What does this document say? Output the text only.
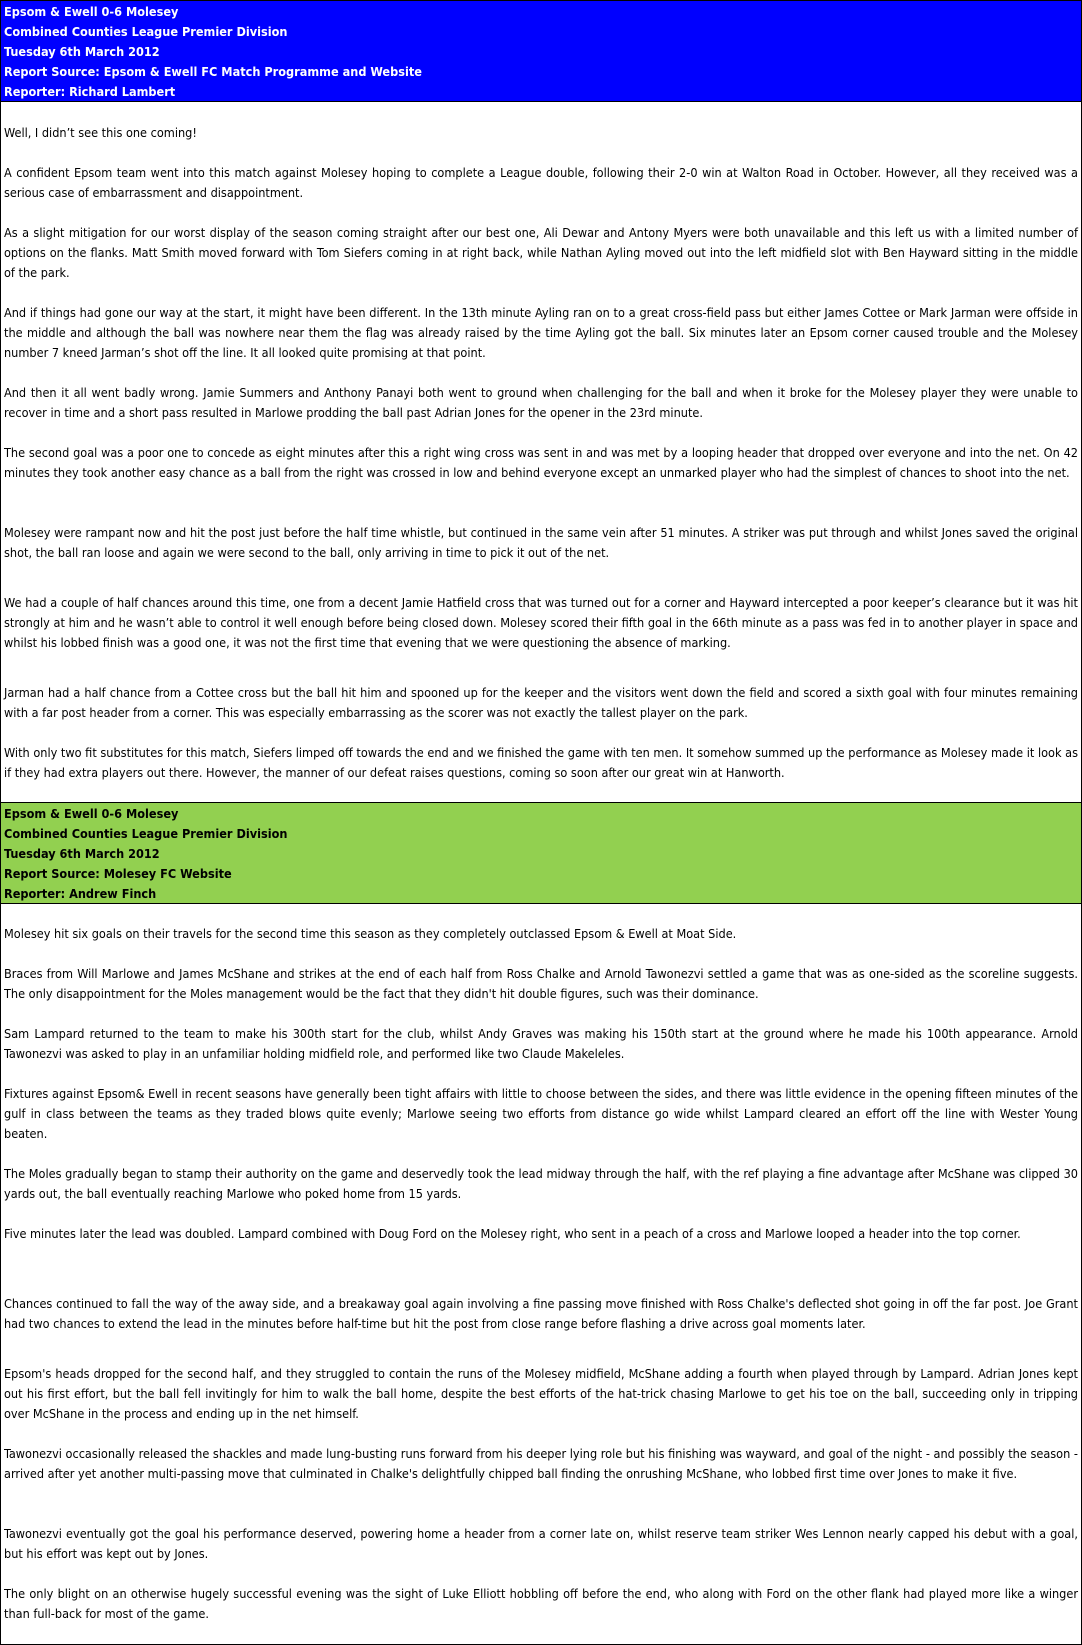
Epsom & Ewell 0-6 Molesey
Combined Counties League Premier Division
Tuesday 6th March 2012
Report Source: Epsom & Ewell FC Match Programme and Website
Reporter: Richard Lambert

Well, I didn’t see this one coming!

A confident Epsom team went into this match against Molesey hoping to complete a League double, following their 2-0 win at Walton Road in October. However, all they received was a serious case of embarrassment and disappointment.

As a slight mitigation for our worst display of the season coming straight after our best one, Ali Dewar and Antony Myers were both unavailable and this left us with a limited number of options on the flanks. Matt Smith moved forward with Tom Siefers coming in at right back, while Nathan Ayling moved out into the left midfield slot with Ben Hayward sitting in the middle of the park.

And if things had gone our way at the start, it might have been different. In the 13th minute Ayling ran on to a great cross-field pass but either James Cottee or Mark Jarman were offside in the middle and although the ball was nowhere near them the flag was already raised by the time Ayling got the ball. Six minutes later an Epsom corner caused trouble and the Molesey number 7 kneed Jarman’s shot off the line. It all looked quite promising at that point.

And then it all went badly wrong. Jamie Summers and Anthony Panayi both went to ground when challenging for the ball and when it broke for the Molesey player they were unable to recover in time and a short pass resulted in Marlowe prodding the ball past Adrian Jones for the opener in the 23rd minute.

The second goal was a poor one to concede as eight minutes after this a right wing cross was sent in and was met by a looping header that dropped over everyone and into the net. On 42 minutes they took another easy chance as a ball from the right was crossed in low and behind everyone except an unmarked player who had the simplest of chances to shoot into the net.

Molesey were rampant now and hit the post just before the half time whistle, but continued in the same vein after 51 minutes. A striker was put through and whilst Jones saved the original shot, the ball ran loose and again we were second to the ball, only arriving in time to pick it out of the net.

We had a couple of half chances around this time, one from a decent Jamie Hatfield cross that was turned out for a corner and Hayward intercepted a poor keeper’s clearance but it was hit strongly at him and he wasn’t able to control it well enough before being closed down. Molesey scored their fifth goal in the 66th minute as a pass was fed in to another player in space and whilst his lobbed finish was a good one, it was not the first time that evening that we were questioning the absence of marking.

Jarman had a half chance from a Cottee cross but the ball hit him and spooned up for the keeper and the visitors went down the field and scored a sixth goal with four minutes remaining with a far post header from a corner. This was especially embarrassing as the scorer was not exactly the tallest player on the park.

With only two fit substitutes for this match, Siefers limped off towards the end and we finished the game with ten men. It somehow summed up the performance as Molesey made it look as if they had extra players out there. However, the manner of our defeat raises questions, coming so soon after our great win at Hanworth.

Epsom & Ewell 0-6 Molesey
Combined Counties League Premier Division
Tuesday 6th March 2012
Report Source: Molesey FC Website
Reporter: Andrew Finch

Molesey hit six goals on their travels for the second time this season as they completely outclassed Epsom & Ewell at Moat Side.

Braces from Will Marlowe and James McShane and strikes at the end of each half from Ross Chalke and Arnold Tawonezvi settled a game that was as one-sided as the scoreline suggests. The only disappointment for the Moles management would be the fact that they didn't hit double figures, such was their dominance.

Sam Lampard returned to the team to make his 300th start for the club, whilst Andy Graves was making his 150th start at the ground where he made his 100th appearance. Arnold Tawonezvi was asked to play in an unfamiliar holding midfield role, and performed like two Claude Makeleles.

Fixtures against Epsom& Ewell in recent seasons have generally been tight affairs with little to choose between the sides, and there was little evidence in the opening fifteen minutes of the gulf in class between the teams as they traded blows quite evenly; Marlowe seeing two efforts from distance go wide whilst Lampard cleared an effort off the line with Wester Young beaten.

The Moles gradually began to stamp their authority on the game and deservedly took the lead midway through the half, with the ref playing a fine advantage after McShane was clipped 30 yards out, the ball eventually reaching Marlowe who poked home from 15 yards.

Five minutes later the lead was doubled. Lampard combined with Doug Ford on the Molesey right, who sent in a peach of a cross and Marlowe looped a header into the top corner.

Chances continued to fall the way of the away side, and a breakaway goal again involving a fine passing move finished with Ross Chalke's deflected shot going in off the far post. Joe Grant had two chances to extend the lead in the minutes before half-time but hit the post from close range before flashing a drive across goal moments later.

Epsom's heads dropped for the second half, and they struggled to contain the runs of the Molesey midfield, McShane adding a fourth when played through by Lampard. Adrian Jones kept out his first effort, but the ball fell invitingly for him to walk the ball home, despite the best efforts of the hat-trick chasing Marlowe to get his toe on the ball, succeeding only in tripping over McShane in the process and ending up in the net himself.

Tawonezvi occasionally released the shackles and made lung-busting runs forward from his deeper lying role but his finishing was wayward, and goal of the night - and possibly the season - arrived after yet another multi-passing move that culminated in Chalke's delightfully chipped ball finding the onrushing McShane, who lobbed first time over Jones to make it five.

Tawonezvi eventually got the goal his performance deserved, powering home a header from a corner late on, whilst reserve team striker Wes Lennon nearly capped his debut with a goal, but his effort was kept out by Jones.

The only blight on an otherwise hugely successful evening was the sight of Luke Elliott hobbling off before the end, who along with Ford on the other flank had played more like a winger than full-back for most of the game.
